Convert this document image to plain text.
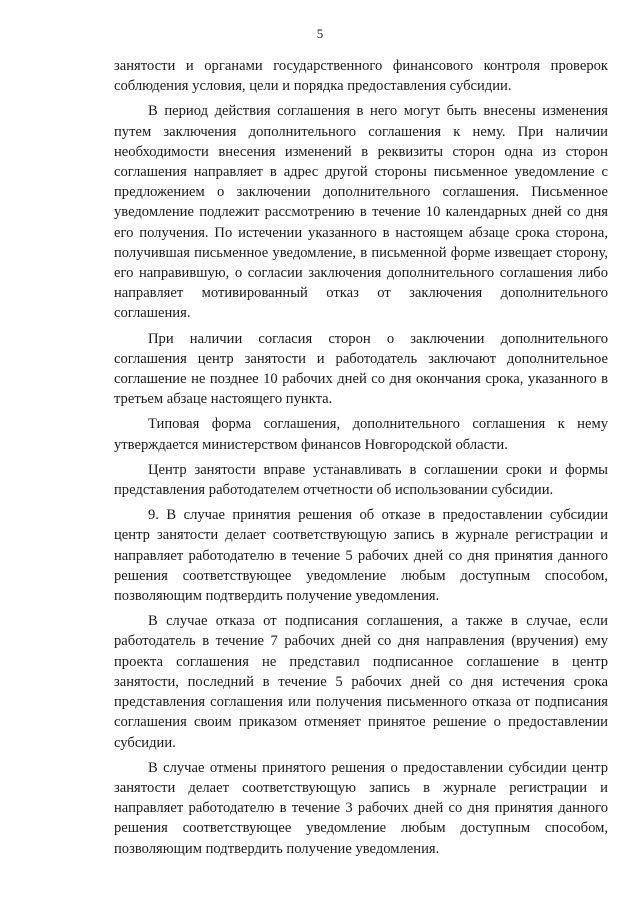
5

занятости и органами государственного финансового контроля проверок соблюдения условия, цели и порядка предоставления субсидии.

В период действия соглашения в него могут быть внесены изменения путем заключения дополнительного соглашения к нему. При наличии необходимости внесения изменений в реквизиты сторон одна из сторон соглашения направляет в адрес другой стороны письменное уведомление с предложением о заключении дополнительного соглашения. Письменное уведомление подлежит рассмотрению в течение 10 календарных дней со дня его получения. По истечении указанного в настоящем абзаце срока сторона, получившая письменное уведомление, в письменной форме извещает сторону, его направившую, о согласии заключения дополнительного соглашения либо направляет мотивированный отказ от заключения дополнительного соглашения.

При наличии согласия сторон о заключении дополнительного соглашения центр занятости и работодатель заключают дополнительное соглашение не позднее 10 рабочих дней со дня окончания срока, указанного в третьем абзаце настоящего пункта.

Типовая форма соглашения, дополнительного соглашения к нему утверждается министерством финансов Новгородской области.

Центр занятости вправе устанавливать в соглашении сроки и формы представления работодателем отчетности об использовании субсидии.

9. В случае принятия решения об отказе в предоставлении субсидии центр занятости делает соответствующую запись в журнале регистрации и направляет работодателю в течение 5 рабочих дней со дня принятия данного решения соответствующее уведомление любым доступным способом, позволяющим подтвердить получение уведомления.

В случае отказа от подписания соглашения, а также в случае, если работодатель в течение 7 рабочих дней со дня направления (вручения) ему проекта соглашения не представил подписанное соглашение в центр занятости, последний в течение 5 рабочих дней со дня истечения срока представления соглашения или получения письменного отказа от подписания соглашения своим приказом отменяет принятое решение о предоставлении субсидии.

В случае отмены принятого решения о предоставлении субсидии центр занятости делает соответствующую запись в журнале регистрации и направляет работодателю в течение 3 рабочих дней со дня принятия данного решения соответствующее уведомление любым доступным способом, позволяющим подтвердить получение уведомления.
